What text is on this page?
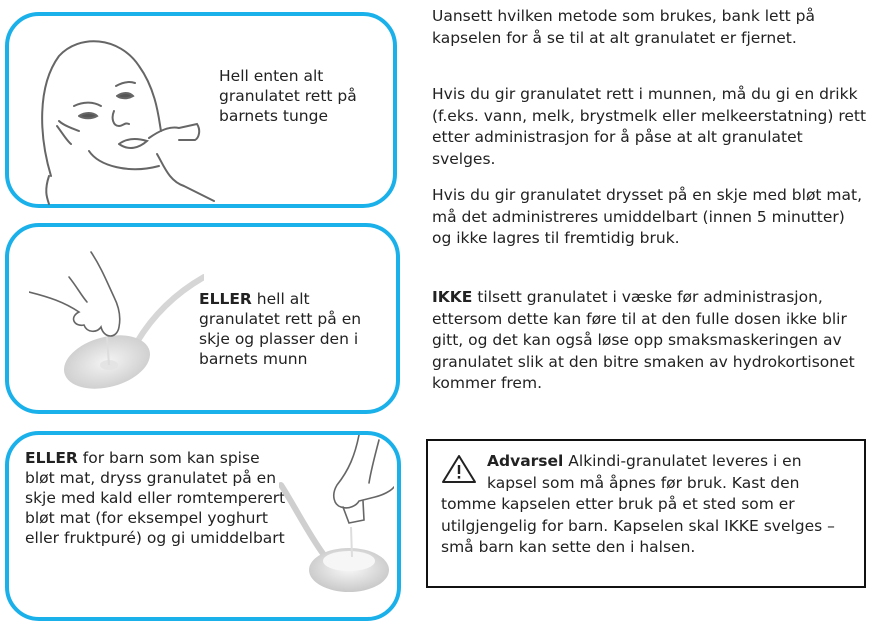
Hell enten alt granulatet rett på barnets tunge
ELLER hell alt granulatet rett på en skje og plasser den i barnets munn
ELLER for barn som kan spise bløt mat, dryss granulatet på en skje med kald eller romtemperert bløt mat (for eksempel yoghurt eller fruktpuré) og gi umiddelbart

Uansett hvilken metode som brukes, bank lett på kapselen for å se til at alt granulatet er fjernet.

Hvis du gir granulatet rett i munnen, må du gi en drikk (f.eks. vann, melk, brystmelk eller melkeerstatning) rett etter administrasjon for å påse at alt granulatet svelges.

Hvis du gir granulatet drysset på en skje med bløt mat, må det administreres umiddelbart (innen 5 minutter) og ikke lagres til fremtidig bruk.

IKKE tilsett granulatet i væske før administrasjon, ettersom dette kan føre til at den fulle dosen ikke blir gitt, og det kan også løse opp smaksmaskeringen av granulatet slik at den bitre smaken av hydrokortisonet kommer frem.

Advarsel Alkindi-granulatet leveres i en kapsel som må åpnes før bruk. Kast den tomme kapselen etter bruk på et sted som er utilgjengelig for barn. Kapselen skal IKKE svelges – små barn kan sette den i halsen.
